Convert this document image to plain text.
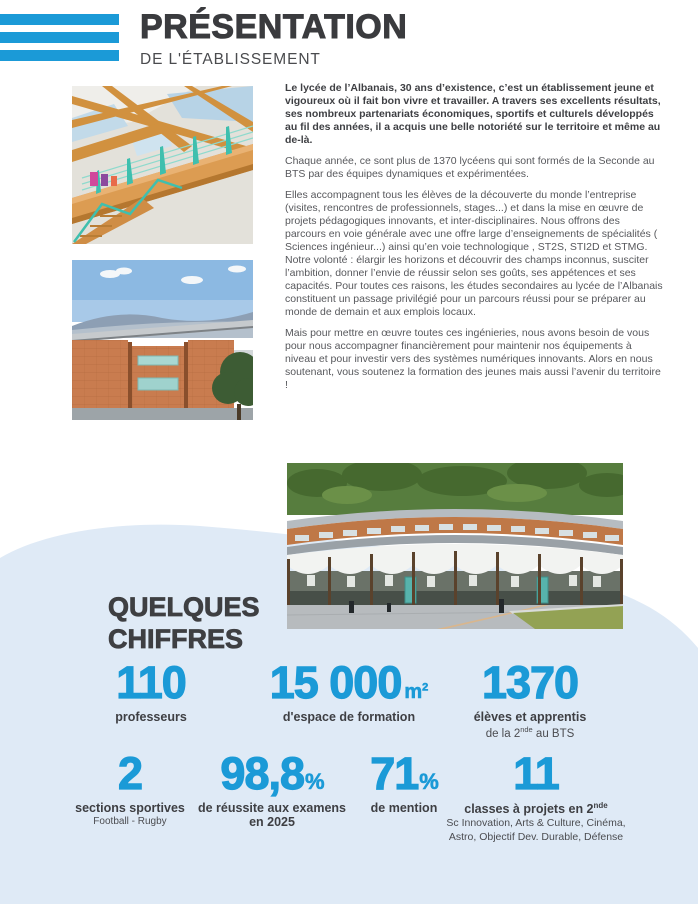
PRÉSENTATION
DE L'ÉTABLISSEMENT

Le lycée de l’Albanais, 30 ans d’existence, c’est un établissement jeune et vigoureux où il fait bon vivre et travailler. A travers ses excellents résultats, ses nombreux partenariats économiques, sportifs et culturels développés au fil des années, il a acquis une belle notoriété sur le territoire et même au de-là.

Chaque année, ce sont plus de 1370 lycéens qui sont formés de la Seconde au BTS par des équipes dynamiques et expérimentées.

Elles accompagnent tous les élèves de la découverte du monde l’entreprise (visites, rencontres de professionnels, stages...) et dans la mise en œuvre de projets pédagogiques innovants, et inter-disciplinaires. Nous offrons des parcours en voie générale avec une offre large d’enseignements de spécialités ( Sciences ingénieur...) ainsi qu’en voie technologique , ST2S, STI2D et STMG. Notre volonté : élargir les horizons et découvrir des champs inconnus, susciter l’ambition, donner l’envie de réussir selon ses goûts, ses appétences et ses capacités. Pour toutes ces raisons, les études secondaires au lycée de l’Albanais constituent un passage privilégié pour un parcours réussi pour se préparer au monde de demain et aux emplois locaux.

Mais pour mettre en œuvre toutes ces ingénieries, nous avons besoin de vous pour nous accompagner financièrement pour maintenir nos équipements à niveau et pour investir vers des systèmes numériques innovants. Alors en nous soutenant, vous soutenez la formation des jeunes mais aussi l’avenir du territoire !

QUELQUES
CHIFFRES
110
professeurs
15 000 $m^2$
d'espace de formation
1370
élèves et apprentis
de la 2nde au BTS
2
sections sportives
Football - Rugby
98,8%
de réussite aux examens
en 2025
71%
de mention
11
classes à projets en 2nde
Sc Innovation, Arts & Culture, Cinéma,
Astro, Objectif Dev. Durable, Défense
